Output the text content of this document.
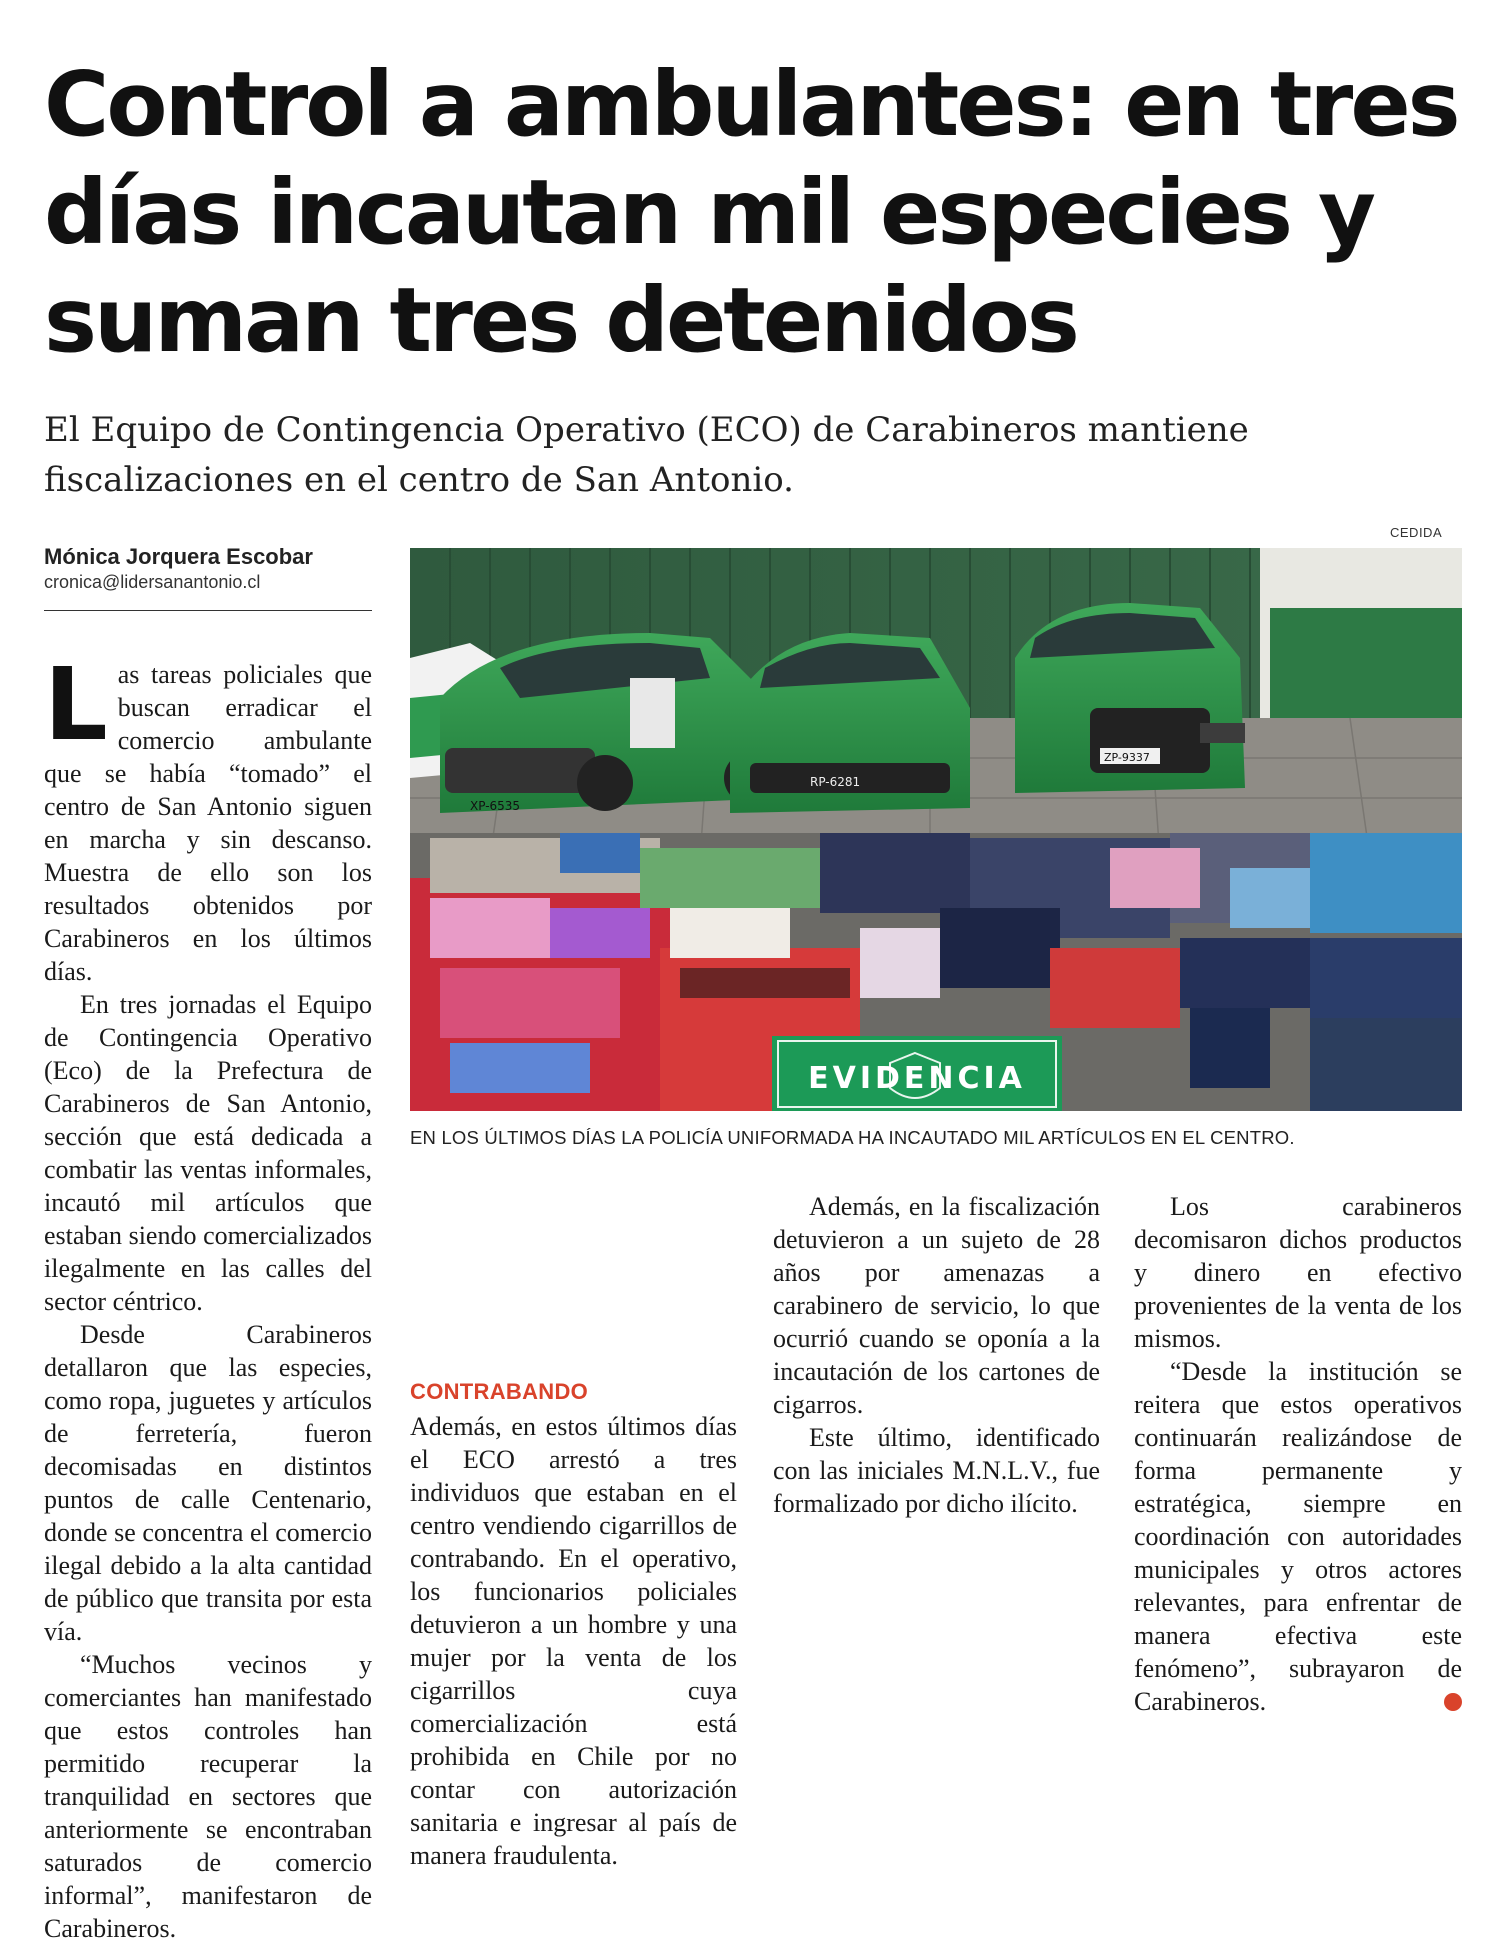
Control a ambulantes: en tres días incautan mil especies y suman tres detenidos

El Equipo de Contingencia Operativo (ECO) de Carabineros mantiene fiscalizaciones en el centro de San Antonio.

Mónica Jorquera Escobar
cronica@lidersanantonio.cl
CEDIDA
XP-6535
RP-6281
ZP-9337
EVIDENCIA
EN LOS ÚLTIMOS DÍAS LA POLICÍA UNIFORMADA HA INCAUTADO MIL ARTÍCULOS EN EL CENTRO.

Las tareas policiales que buscan erradicar el comercio ambulante que se había “tomado” el centro de San Antonio siguen en marcha y sin descanso. Muestra de ello son los resultados obtenidos por Carabineros en los últimos días.

En tres jornadas el Equipo de Contingencia Operativo (Eco) de la Prefectura de Carabineros de San Antonio, sección que está dedicada a combatir las ventas informales, incautó mil artículos que estaban siendo comercializados ilegalmente en las calles del sector céntrico.

Desde Carabineros detallaron que las especies, como ropa, juguetes y artículos de ferretería, fueron decomisadas en distintos puntos de calle Centenario, donde se concentra el comercio ilegal debido a la alta cantidad de público que transita por esta vía.

“Muchos vecinos y comerciantes han manifestado que estos controles han permitido recuperar la tranquilidad en sectores que anteriormente se encontraban saturados de comercio informal”, manifestaron de Carabineros.

CONTRABANDO

Además, en estos últimos días el ECO arrestó a tres individuos que estaban en el centro vendiendo cigarrillos de contrabando. En el operativo, los funcionarios policiales detuvieron a un hombre y una mujer por la venta de los cigarrillos cuya comercialización está prohibida en Chile por no contar con autorización sanitaria e ingresar al país de manera fraudulenta.

Además, en la fiscalización detuvieron a un sujeto de 28 años por amenazas a carabinero de servicio, lo que ocurrió cuando se oponía a la incautación de los cartones de cigarros.

Este último, identificado con las iniciales M.N.L.V., fue formalizado por dicho ilícito.

Los carabineros decomisaron dichos productos y dinero en efectivo provenientes de la venta de los mismos.

“Desde la institución se reitera que estos operativos continuarán realizándose de forma permanente y estratégica, siempre en coordinación con autoridades municipales y otros actores relevantes, para enfrentar de manera efectiva este fenómeno”, subrayaron de Carabineros.	✪
